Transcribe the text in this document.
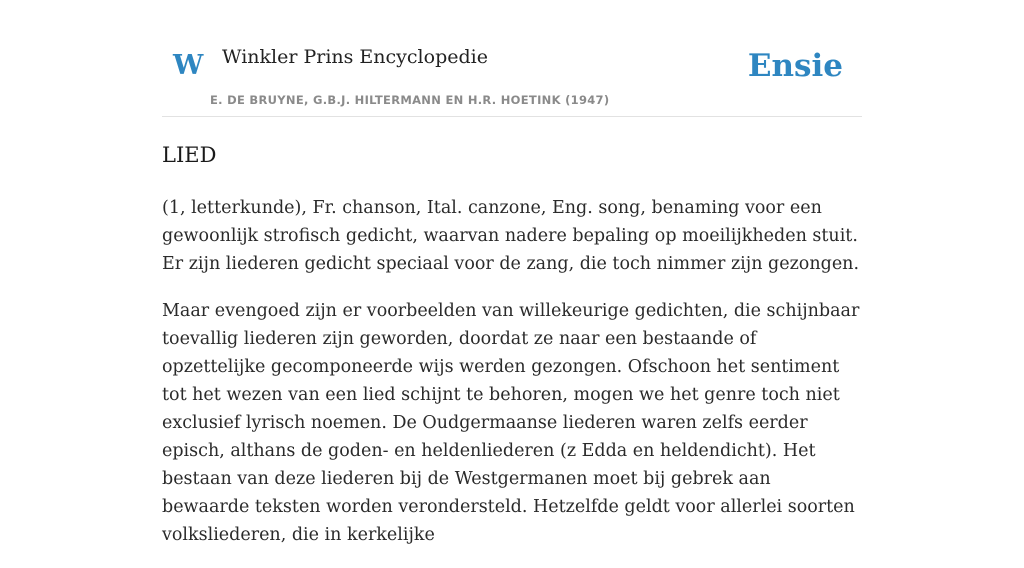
W Winkler Prins Encyclopedie
E. DE BRUYNE, G.B.J. HILTERMANN EN H.R. HOETINK (1947)
Ensie
LIED

(1, letterkunde), Fr. chanson, Ital. canzone, Eng. song, benaming voor een gewoonlijk strofisch gedicht, waarvan nadere bepaling op moeilijkheden stuit. Er zijn liederen gedicht speciaal voor de zang, die toch nimmer zijn gezongen.

Maar evengoed zijn er voorbeelden van willekeurige gedichten, die schijnbaar toevallig liederen zijn geworden, doordat ze naar een bestaande of opzettelijke gecomponeerde wijs werden gezongen. Ofschoon het sentiment tot het wezen van een lied schijnt te behoren, mogen we het genre toch niet exclusief lyrisch noemen. De Oudgermaanse liederen waren zelfs eerder episch, althans de goden- en heldenliederen (z Edda en heldendicht). Het bestaan van deze liederen bij de Westgermanen moet bij gebrek aan bewaarde teksten worden verondersteld. Hetzelfde geldt voor allerlei soorten volksliederen, die in kerkelijke
